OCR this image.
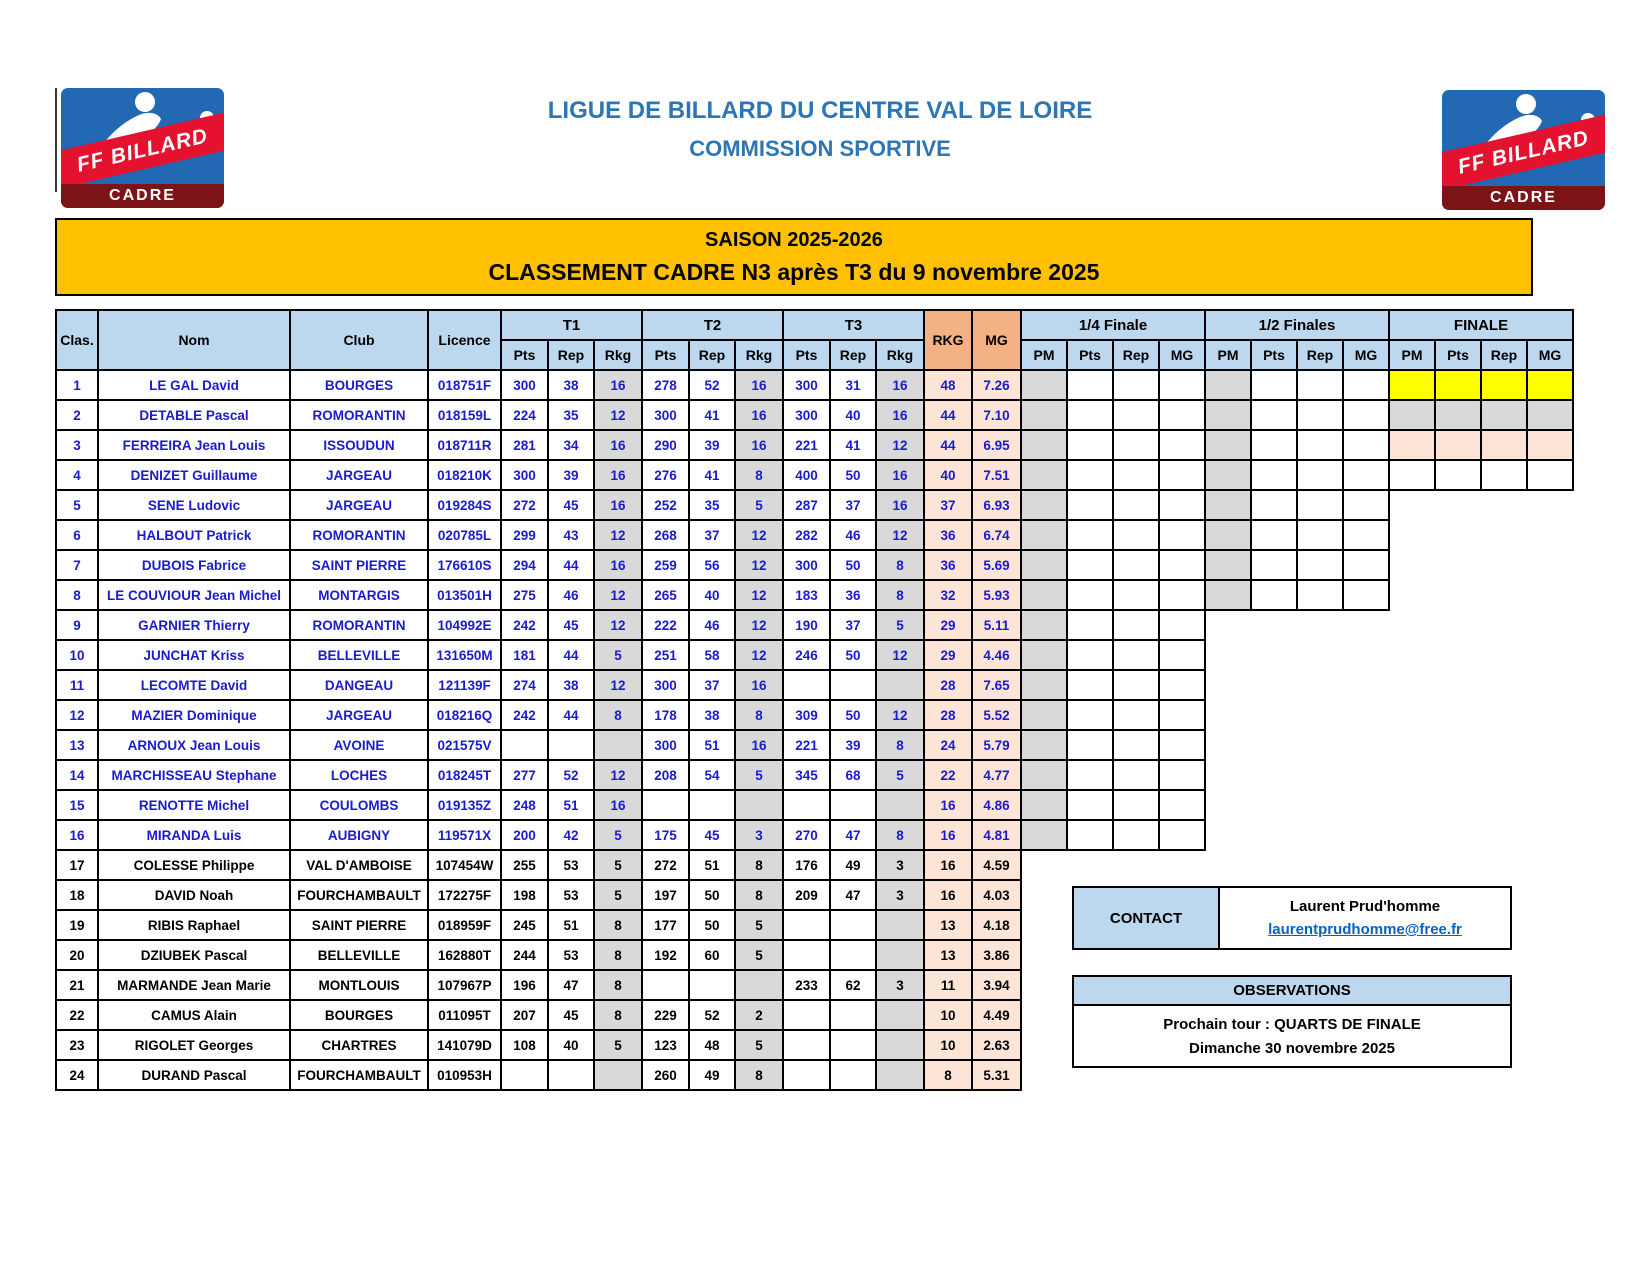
FF BILLARD
CADRE
FF BILLARD
CADRE
LIGUE DE BILLARD DU CENTRE VAL DE LOIRE
COMMISSION SPORTIVE
SAISON 2025-2026
CLASSEMENT CADRE N3 après T3 du 9 novembre 2025
Clas.	Nom	Club	Licence	T1			T2			T3			RKG	MG	1/4 Finale				1/2 Finales				FINALE			
				Pts	Rep	Rkg	Pts	Rep	Rkg	Pts	Rep	Rkg			PM	Pts	Rep	MG	PM	Pts	Rep	MG	PM	Pts	Rep	MG
1	LE GAL David	BOURGES	018751F	300	38	16	278	52	16	300	31	16	48	7.26												
2	DETABLE Pascal	ROMORANTIN	018159L	224	35	12	300	41	16	300	40	16	44	7.10												
3	FERREIRA Jean Louis	ISSOUDUN	018711R	281	34	16	290	39	16	221	41	12	44	6.95												
4	DENIZET Guillaume	JARGEAU	018210K	300	39	16	276	41	8	400	50	16	40	7.51												
5	SENE Ludovic	JARGEAU	019284S	272	45	16	252	35	5	287	37	16	37	6.93												
6	HALBOUT Patrick	ROMORANTIN	020785L	299	43	12	268	37	12	282	46	12	36	6.74												
7	DUBOIS Fabrice	SAINT PIERRE	176610S	294	44	16	259	56	12	300	50	8	36	5.69												
8	LE COUVIOUR Jean Michel	MONTARGIS	013501H	275	46	12	265	40	12	183	36	8	32	5.93												
9	GARNIER Thierry	ROMORANTIN	104992E	242	45	12	222	46	12	190	37	5	29	5.11												
10	JUNCHAT Kriss	BELLEVILLE	131650M	181	44	5	251	58	12	246	50	12	29	4.46												
11	LECOMTE David	DANGEAU	121139F	274	38	12	300	37	16				28	7.65												
12	MAZIER Dominique	JARGEAU	018216Q	242	44	8	178	38	8	309	50	12	28	5.52												
13	ARNOUX Jean Louis	AVOINE	021575V				300	51	16	221	39	8	24	5.79												
14	MARCHISSEAU Stephane	LOCHES	018245T	277	52	12	208	54	5	345	68	5	22	4.77												
15	RENOTTE Michel	COULOMBS	019135Z	248	51	16							16	4.86												
16	MIRANDA Luis	AUBIGNY	119571X	200	42	5	175	45	3	270	47	8	16	4.81												
17	COLESSE Philippe	VAL D'AMBOISE	107454W	255	53	5	272	51	8	176	49	3	16	4.59												
18	DAVID Noah	FOURCHAMBAULT	172275F	198	53	5	197	50	8	209	47	3	16	4.03												
19	RIBIS Raphael	SAINT PIERRE	018959F	245	51	8	177	50	5				13	4.18												
20	DZIUBEK Pascal	BELLEVILLE	162880T	244	53	8	192	60	5				13	3.86												
21	MARMANDE Jean Marie	MONTLOUIS	107967P	196	47	8				233	62	3	11	3.94												
22	CAMUS Alain	BOURGES	011095T	207	45	8	229	52	2				10	4.49												
23	RIGOLET Georges	CHARTRES	141079D	108	40	5	123	48	5				10	2.63												
24	DURAND Pascal	FOURCHAMBAULT	010953H				260	49	8				8	5.31												
CONTACT
Laurent Prud'homme
laurentprudhomme@free.fr
OBSERVATIONS
Prochain tour : QUARTS DE FINALE
Dimanche 30 novembre 2025
